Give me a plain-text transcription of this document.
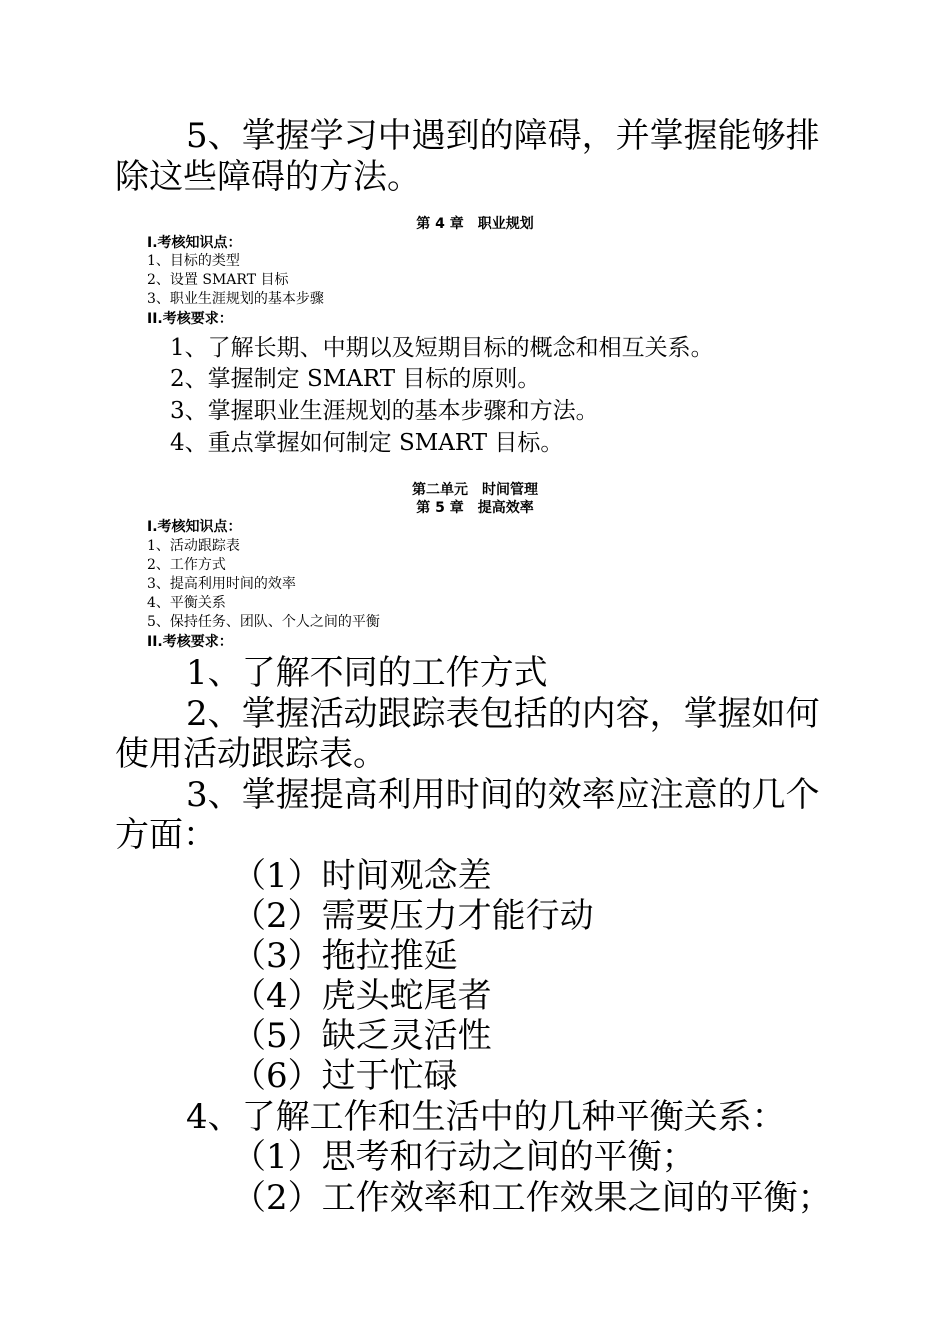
5、掌握学习中遇到的障碍，并掌握能够排
除这些障碍的方法。
第 4 章　职业规划
I.考核知识点：
1、目标的类型
2、设置 SMART 目标
3、职业生涯规划的基本步骤
II.考核要求：
1、了解长期、中期以及短期目标的概念和相互关系。
2、掌握制定 SMART 目标的原则。
3、掌握职业生涯规划的基本步骤和方法。
4、重点掌握如何制定 SMART 目标。
第二单元　时间管理
第 5 章　提高效率
I.考核知识点：
1、活动跟踪表
2、工作方式
3、提高利用时间的效率
4、平衡关系
5、保持任务、团队、个人之间的平衡
II.考核要求：
1、了解不同的工作方式
2、掌握活动跟踪表包括的内容，掌握如何
使用活动跟踪表。
3、掌握提高利用时间的效率应注意的几个
方面：
（1）时间观念差
（2）需要压力才能行动
（3）拖拉推延
（4）虎头蛇尾者
（5）缺乏灵活性
（6）过于忙碌
4、了解工作和生活中的几种平衡关系：
（1）思考和行动之间的平衡；
（2）工作效率和工作效果之间的平衡；
